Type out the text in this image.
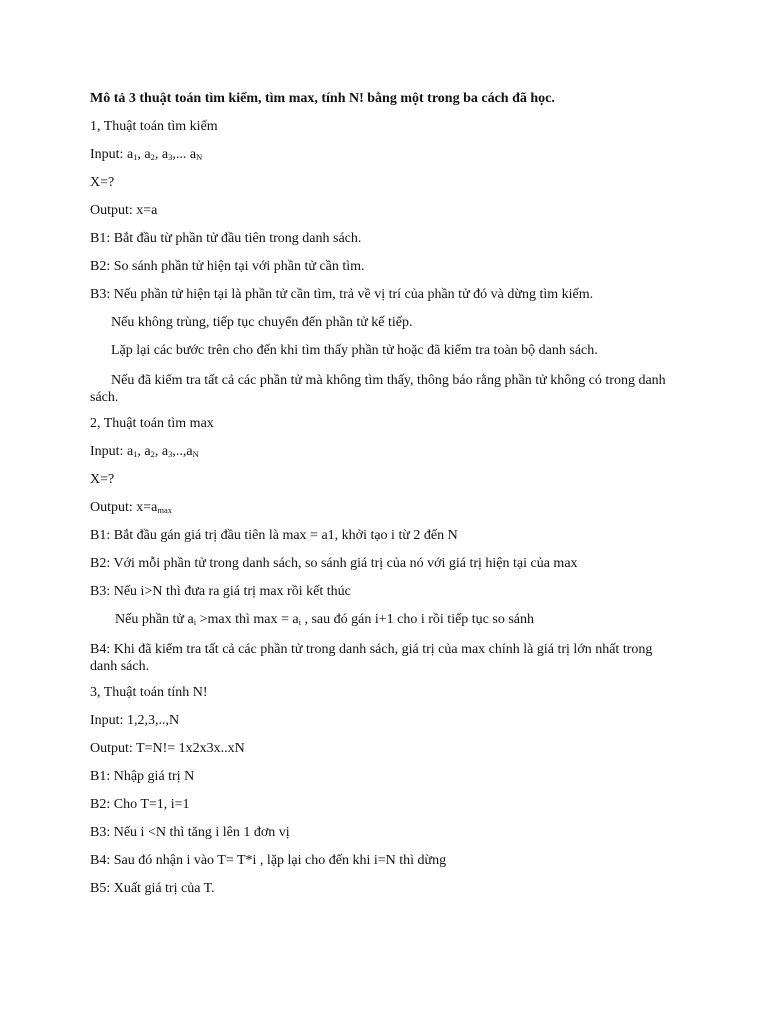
Mô tả 3 thuật toán tìm kiếm, tìm max, tính N! bằng một trong ba cách đã học.
1, Thuật toán tìm kiếm
Input: $a_1$, $a_2$, $a_3$,... $a_N$
X=?
Output: x=a
B1: Bắt đầu từ phần tử đầu tiên trong danh sách.
B2: So sánh phần tử hiện tại với phần tử cần tìm.
B3: Nếu phần tử hiện tại là phần tử cần tìm, trả về vị trí của phần tử đó và dừng tìm kiếm.
Nếu không trùng, tiếp tục chuyển đến phần tử kế tiếp.
Lặp lại các bước trên cho đến khi tìm thấy phần tử hoặc đã kiểm tra toàn bộ danh sách.
Nếu đã kiểm tra tất cả các phần tử mà không tìm thấy, thông báo rằng phần tử không có trong danh sách.
2, Thuật toán tìm max
Input: $a_1$, $a_2$, $a_3,..,a_N$
X=?
Output: $x=a_{max}$
B1: Bắt đầu gán giá trị đầu tiên là max = a1, khởi tạo i từ 2 đến N
B2: Với mỗi phần tử trong danh sách, so sánh giá trị của nó với giá trị hiện tại của max
B3: Nếu i>N thì đưa ra giá trị max rồi kết thúc
Nếu phần tử $a_i >\max$ thì $\max = a_i$ , sau đó gán i+1 cho i rồi tiếp tục so sánh
B4: Khi đã kiểm tra tất cả các phần tử trong danh sách, giá trị của max chính là giá trị lớn nhất trong danh sách.
3, Thuật toán tính N!
Input: 1,2,3,..,N
Output: T=N!= 1x2x3x..xN
B1: Nhập giá trị N
B2: Cho T=1, i=1
B3: Nếu i <N thì tăng i lên 1 đơn vị
B4: Sau đó nhận i vào T= T*i , lặp lại cho đến khi i=N thì dừng
B5: Xuất giá trị của T.
